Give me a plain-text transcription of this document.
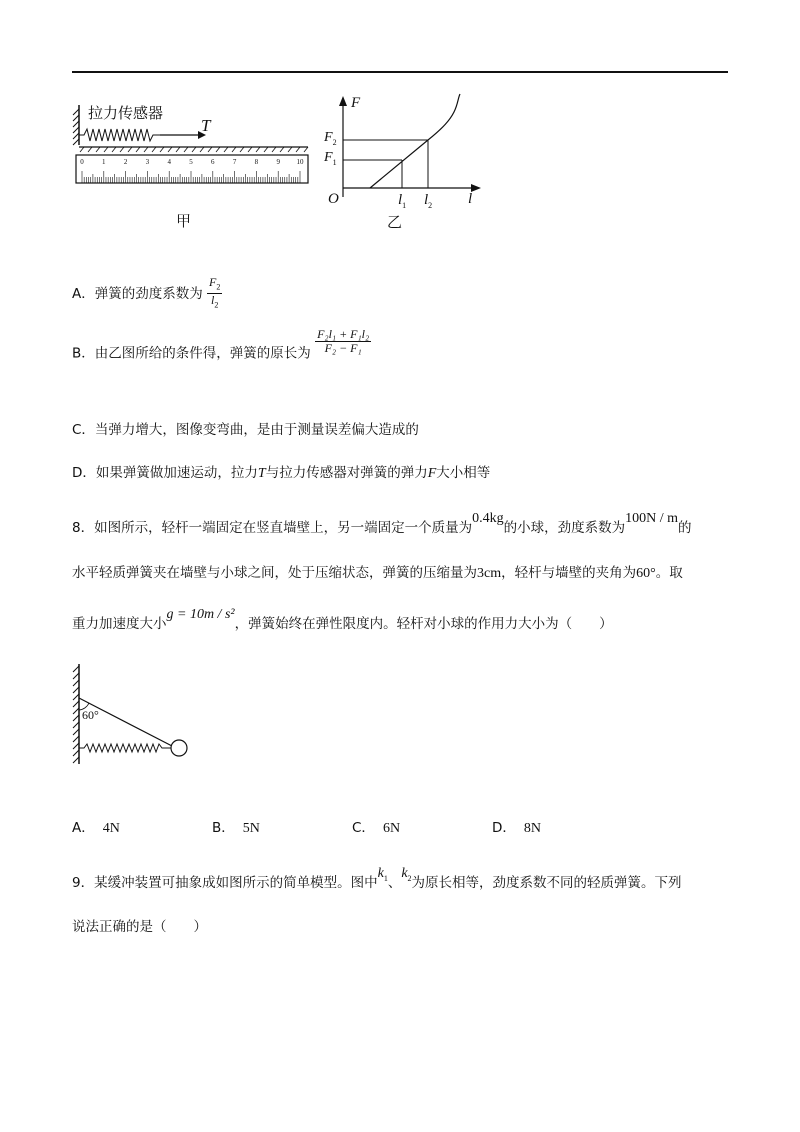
0	1	2	3	4	5	6	7	8	9 10
拉力传感器
T
甲
F
$F_2$
$F_1$
O	$l_1$ $l_2$ l
乙
A．弹簧的劲度系数为 $\frac{F_2}{l_2}$
B．由乙图所给的条件得，弹簧的原长为 $\frac{\text{F₂l₁ + F₁l₂}}{\text{F₂ − F₁}}$
C．当弹力增大，图像变弯曲，是由于测量误差偏大造成的
D．如果弹簧做加速运动，拉力T与拉力传感器对弹簧的弹力F大小相等
8．如图所示，轻杆一端固定在竖直墙壁上，另一端固定一个质量为0.4kg的小球，劲度系数为100N / m的
水平轻质弹簧夹在墙壁与小球之间，处于压缩状态，弹簧的压缩量为3cm，轻杆与墙壁的夹角为60°。取
重力加速度大小g = 10m / s²，弹簧始终在弹性限度内。轻杆对小球的作用力大小为（　　）
60°
A． 4N	B． 5N	C． 6N	D． 8N
9．某缓冲装置可抽象成如图所示的简单模型。图中$k_1$、$k_2$为原长相等，劲度系数不同的轻质弹簧。下列
说法正确的是（　　）
